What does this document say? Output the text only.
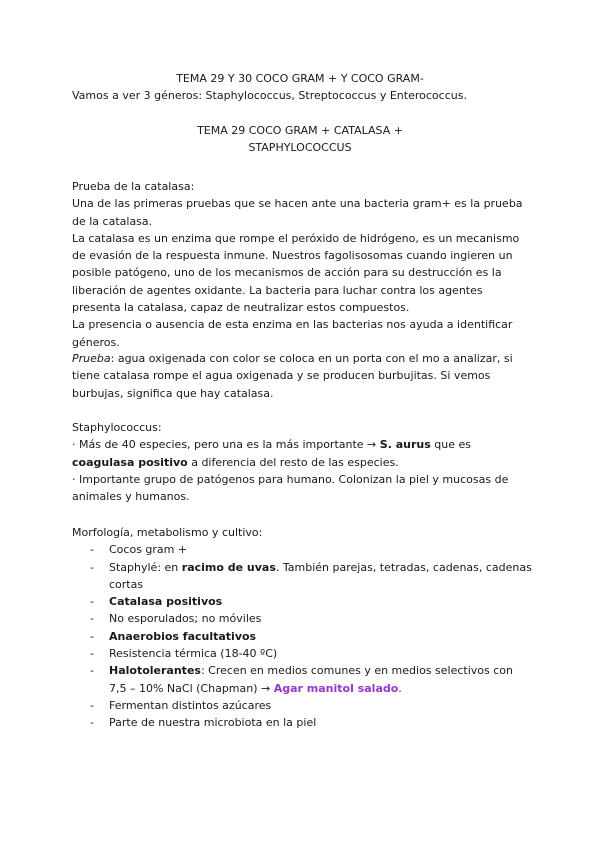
TEMA 29 Y 30 COCO GRAM + Y COCO GRAM-
Vamos a ver 3 géneros: Staphylococcus, Streptococcus y Enterococcus.
TEMA 29 COCO GRAM + CATALASA +
STAPHYLOCOCCUS

Prueba de la catalasa:

Una de las primeras pruebas que se hacen ante una bacteria gram+ es la prueba de la catalasa.

La catalasa es un enzima que rompe el peróxido de hidrógeno, es un mecanismo de evasión de la respuesta inmune. Nuestros fagolisosomas cuando ingieren un posible patógeno, uno de los mecanismos de acción para su destrucción es la liberación de agentes oxidante. La bacteria para luchar contra los agentes presenta la catalasa, capaz de neutralizar estos compuestos.

La presencia o ausencia de esta enzima en las bacterias nos ayuda a identificar géneros.

Prueba: agua oxigenada con color se coloca en un porta con el mo a analizar, si tiene catalasa rompe el agua oxigenada y se producen burbujitas. Si vemos burbujas, significa que hay catalasa.

Staphylococcus:

· Más de 40 especies, pero una es la más importante → S. aurus que es coagulasa positivo a diferencia del resto de las especies.

· Importante grupo de patógenos para humano. Colonizan la piel y mucosas de animales y humanos.

Morfología, metabolismo y cultivo:

- Cocos gram +
- Staphylé: en racimo de uvas. También parejas, tetradas, cadenas, cadenas cortas
- Catalasa positivos
- No esporulados; no móviles
- Anaerobios facultativos
- Resistencia térmica (18-40 ºC)
- Halotolerantes: Crecen en medios comunes y en medios selectivos con 7,5 – 10% NaCl (Chapman) → Agar manitol salado.
- Fermentan distintos azúcares
- Parte de nuestra microbiota en la piel
